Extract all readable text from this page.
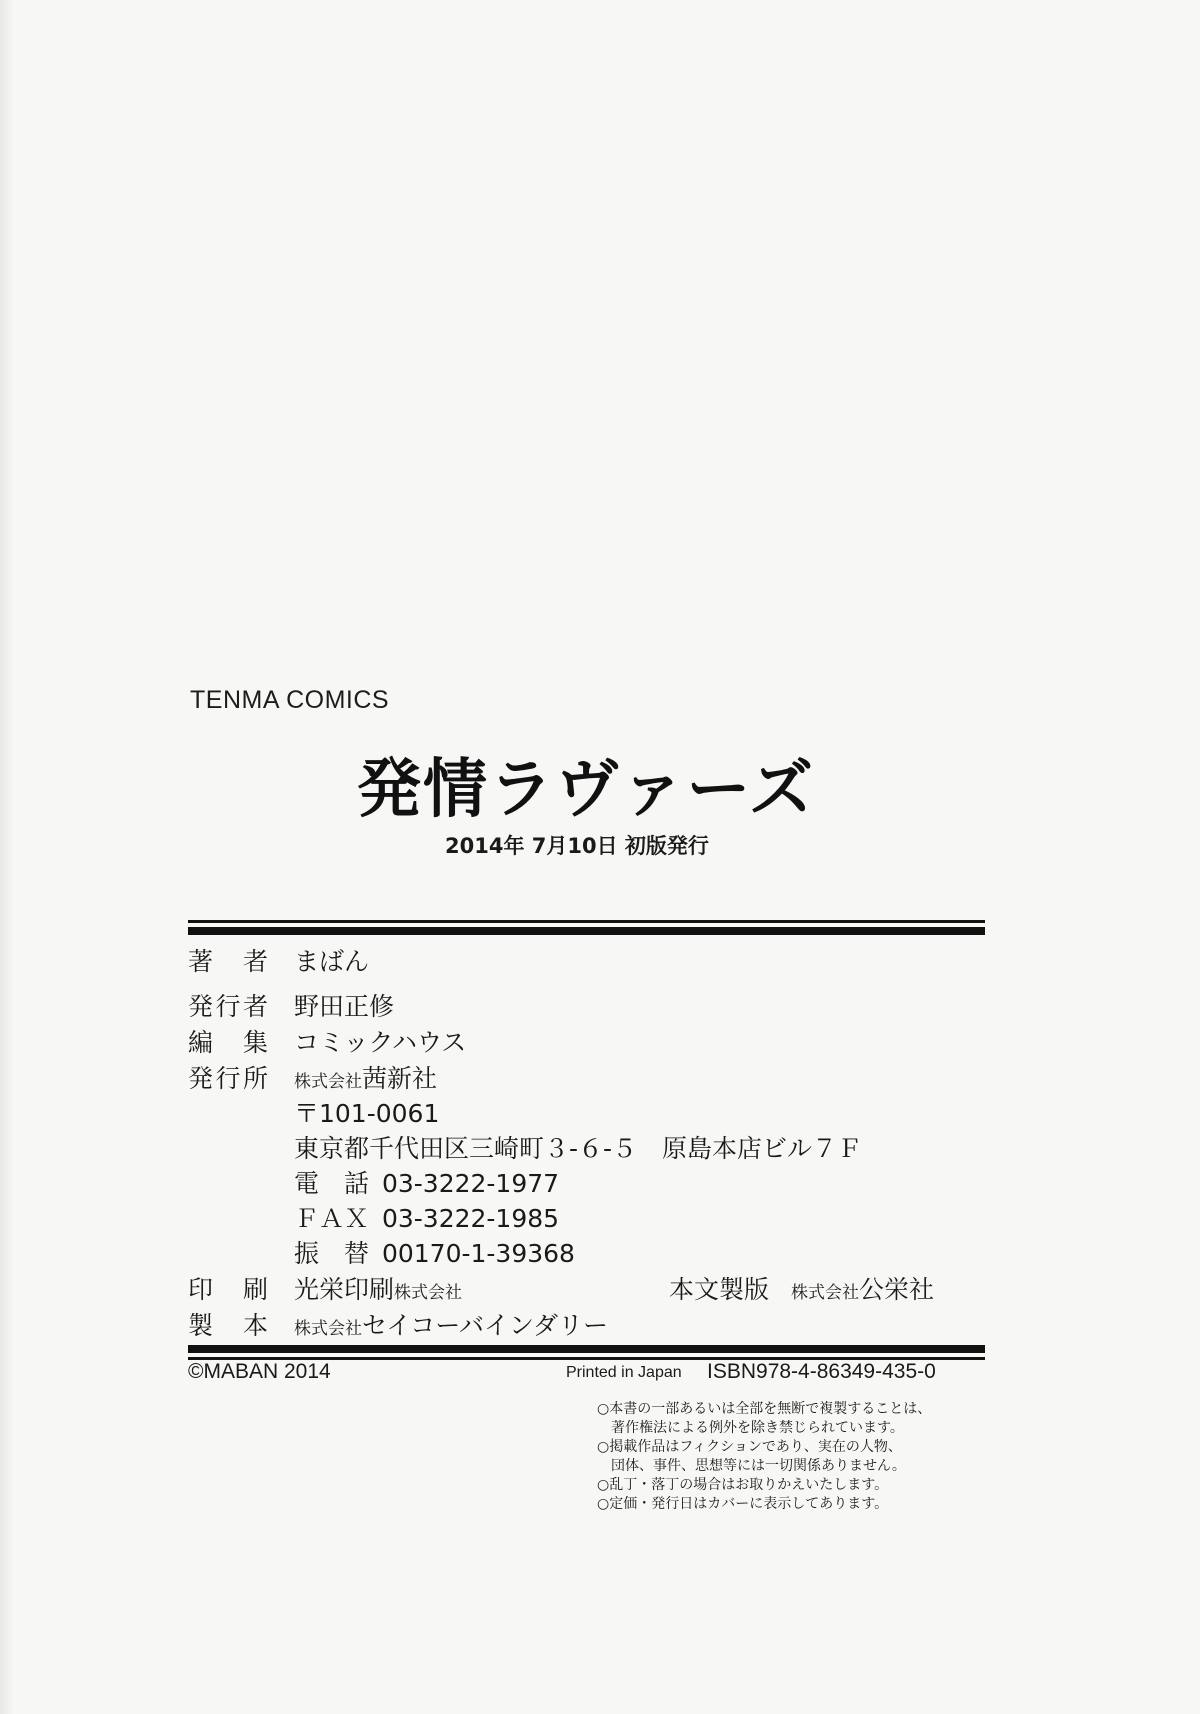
TENMA COMICS
発情ラヴァーズ
2014年 7月10日 初版発行
著 者 まばん
発 行 者 野田正修
編 集 コミックハウス
発 行 所 株式会社茜新社
〒101-0061
東京都千代田区三崎町３-６-５　原島本店ビル７Ｆ
電　話 03-3222-1977
ＦＡＸ 03-3222-1985
振　替 00170-1-39368
印 刷 光栄印刷株式会社	本文製版 株式会社公栄社
製 本 株式会社セイコーバインダリー
©MABAN 2014	Printed in Japan ISBN978-4-86349-435-0
○本書の一部あるいは全部を無断で複製することは、
　著作権法による例外を除き禁じられています。
○掲載作品はフィクションであり、実在の人物、
　団体、事件、思想等には一切関係ありません。
○乱丁・落丁の場合はお取りかえいたします。
○定価・発行日はカバーに表示してあります。
